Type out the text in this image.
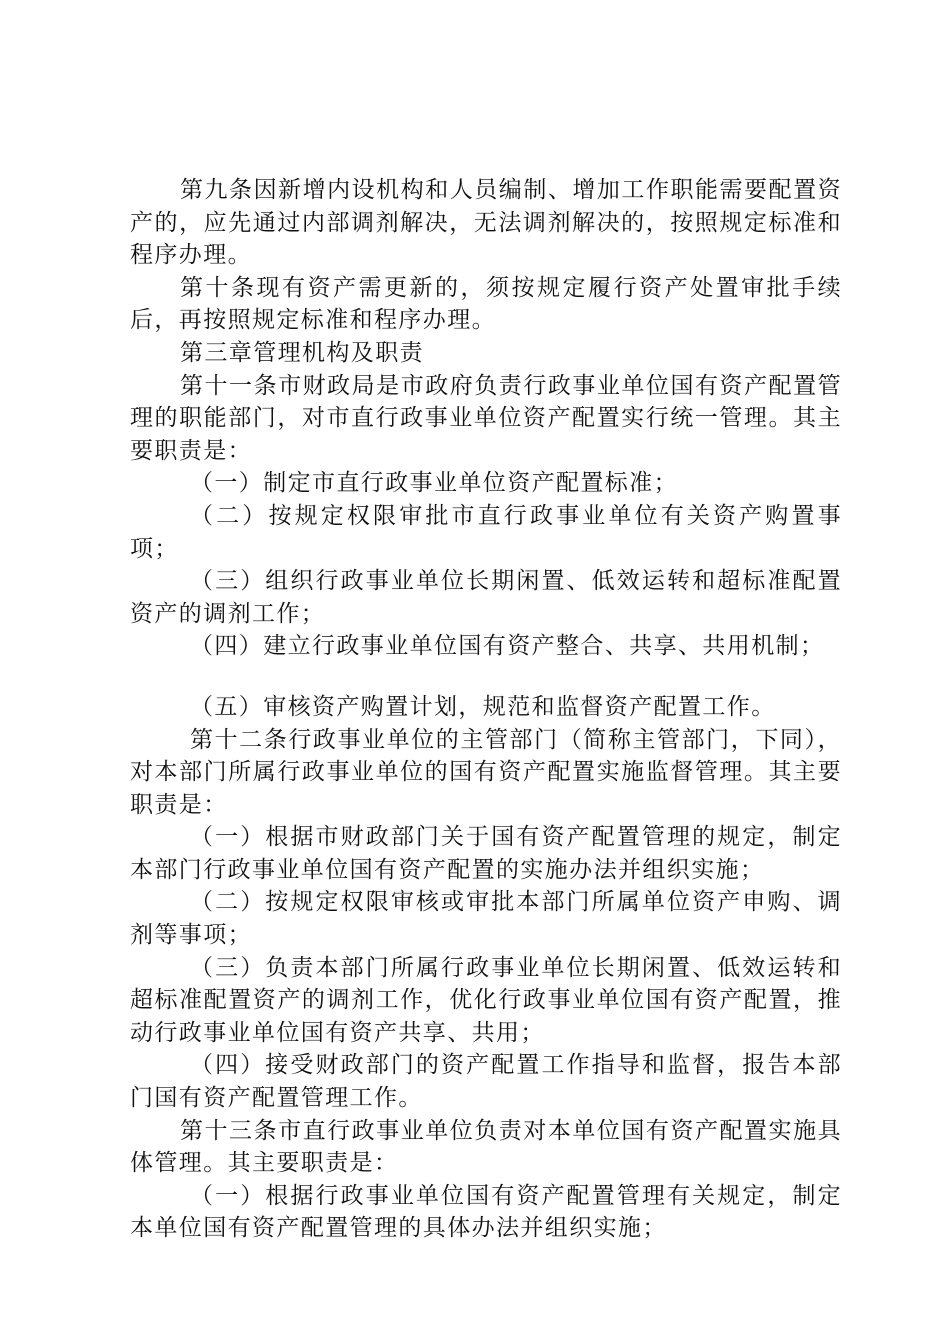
第九条因新增内设机构和人员编制、增加工作职能需要配置资产的，应先通过内部调剂解决，无法调剂解决的，按照规定标准和程序办理。

第十条现有资产需更新的，须按规定履行资产处置审批手续后，再按照规定标准和程序办理。

第三章管理机构及职责

第十一条市财政局是市政府负责行政事业单位国有资产配置管理的职能部门，对市直行政事业单位资产配置实行统一管理。其主要职责是：

（一）制定市直行政事业单位资产配置标准；

（二）按规定权限审批市直行政事业单位有关资产购置事项；

（三）组织行政事业单位长期闲置、低效运转和超标准配置资产的调剂工作；

（四）建立行政事业单位国有资产整合、共享、共用机制；

（五）审核资产购置计划，规范和监督资产配置工作。

第十二条行政事业单位的主管部门（简称主管部门，下同），对本部门所属行政事业单位的国有资产配置实施监督管理。其主要职责是：

（一）根据市财政部门关于国有资产配置管理的规定，制定本部门行政事业单位国有资产配置的实施办法并组织实施；

（二）按规定权限审核或审批本部门所属单位资产申购、调剂等事项；

（三）负责本部门所属行政事业单位长期闲置、低效运转和超标准配置资产的调剂工作，优化行政事业单位国有资产配置，推动行政事业单位国有资产共享、共用；

（四）接受财政部门的资产配置工作指导和监督，报告本部门国有资产配置管理工作。

第十三条市直行政事业单位负责对本单位国有资产配置实施具体管理。其主要职责是：

（一）根据行政事业单位国有资产配置管理有关规定，制定本单位国有资产配置管理的具体办法并组织实施；
